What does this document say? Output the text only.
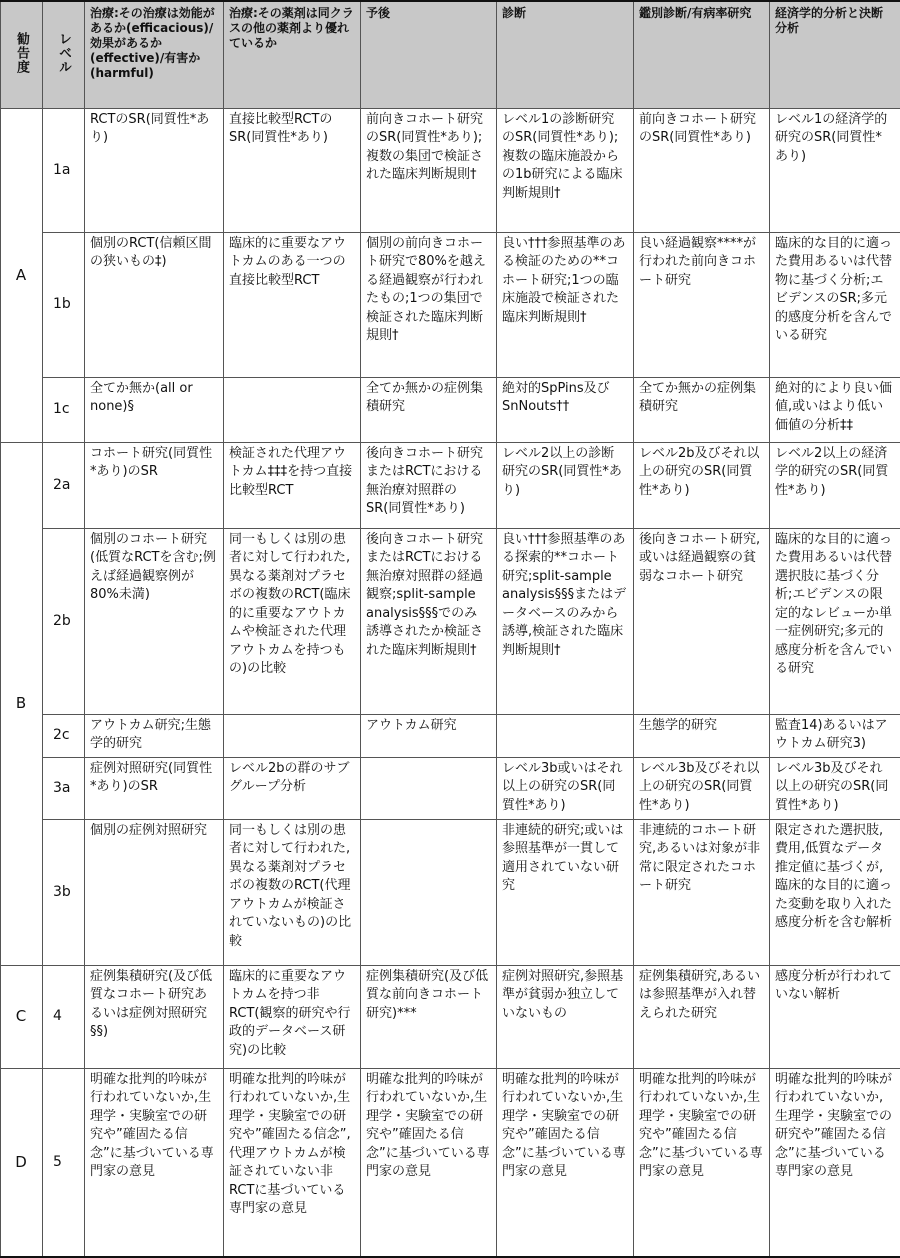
勧告度	レベル	治療:その治療は効能があるか(efficacious)/効果があるか(effective)/有害か(harmful)	治療:その薬剤は同クラスの他の薬剤より優れているか	予後	診断	鑑別診断/有病率研究	経済学的分析と決断分析
A	1a	RCTのSR(同質性*あり)	直接比較型RCTのSR(同質性*あり)	前向きコホート研究のSR(同質性*あり);複数の集団で検証された臨床判断規則†	レベル1の診断研究のSR(同質性*あり);複数の臨床施設からの1b研究による臨床判断規則†	前向きコホート研究のSR(同質性*あり)	レベル1の経済学的研究のSR(同質性*あり)
	1b	個別のRCT(信頼区間の狭いもの‡)	臨床的に重要なアウトカムのある一つの直接比較型RCT	個別の前向きコホート研究で80%を越える経過観察が行われたもの;1つの集団で検証された臨床判断規則†	良い†††参照基準のある検証のための**コホート研究;1つの臨床施設で検証された臨床判断規則†	良い経過観察****が行われた前向きコホート研究	臨床的な目的に適った費用あるいは代替物に基づく分析;エビデンスのSR;多元的感度分析を含んでいる研究
	1c	全てか無か(all or none)§		全てか無かの症例集積研究	絶対的SpPins及びSnNouts††	全てか無かの症例集積研究	絶対的により良い価値,或いはより低い価値の分析‡‡
B	2a	コホート研究(同質性*あり)のSR	検証された代理アウトカム‡‡‡を持つ直接比較型RCT	後向きコホート研究またはRCTにおける無治療対照群のSR(同質性*あり)	レベル2以上の診断研究のSR(同質性*あり)	レベル2b及びそれ以上の研究のSR(同質性*あり)	レベル2以上の経済学的研究のSR(同質性*あり)
	2b	個別のコホート研究(低質なRCTを含む;例えば経過観察例が80%未満)	同一もしくは別の患者に対して行われた,異なる薬剤対プラセボの複数のRCT(臨床的に重要なアウトカムや検証された代理アウトカムを持つもの)の比較	後向きコホート研究またはRCTにおける無治療対照群の経過観察;split-sample analysis§§§でのみ誘導されたか検証された臨床判断規則†	良い†††参照基準のある探索的**コホート研究;split-sample analysis§§§またはデータベースのみから誘導,検証された臨床判断規則†	後向きコホート研究,或いは経過観察の貧弱なコホート研究	臨床的な目的に適った費用あるいは代替選択肢に基づく分析;エビデンスの限定的なレビューか単一症例研究;多元的感度分析を含んでいる研究
	2c	アウトカム研究;生態学的研究		アウトカム研究		生態学的研究	監査14)あるいはアウトカム研究3)
	3a	症例対照研究(同質性*あり)のSR	レベル2bの群のサブグループ分析		レベル3b或いはそれ以上の研究のSR(同質性*あり)	レベル3b及びそれ以上の研究のSR(同質性*あり)	レベル3b及びそれ以上の研究のSR(同質性*あり)
	3b	個別の症例対照研究	同一もしくは別の患者に対して行われた,異なる薬剤対プラセボの複数のRCT(代理アウトカムが検証されていないもの)の比較		非連続的研究;或いは参照基準が一貫して適用されていない研究	非連続的コホート研究,あるいは対象が非常に限定されたコホート研究	限定された選択肢,費用,低質なデータ推定値に基づくが,臨床的な目的に適った変動を取り入れた感度分析を含む解析
C	4	症例集積研究(及び低質なコホート研究あるいは症例対照研究§§)	臨床的に重要なアウトカムを持つ非RCT(観察的研究や行政的データベース研究)の比較	症例集積研究(及び低質な前向きコホート研究)***	症例対照研究,参照基準が貧弱か独立していないもの	症例集積研究,あるいは参照基準が入れ替えられた研究	感度分析が行われていない解析
D	5	明確な批判的吟味が行われていないか,生理学・実験室での研究や”確固たる信念”に基づいている専門家の意見	明確な批判的吟味が行われていないか,生理学・実験室での研究や”確固たる信念”,代理アウトカムが検証されていない非RCTに基づいている専門家の意見	明確な批判的吟味が行われていないか,生理学・実験室での研究や”確固たる信念”に基づいている専門家の意見	明確な批判的吟味が行われていないか,生理学・実験室での研究や”確固たる信念”に基づいている専門家の意見	明確な批判的吟味が行われていないか,生理学・実験室での研究や”確固たる信念”に基づいている専門家の意見	明確な批判的吟味が行われていないか,生理学・実験室での研究や”確固たる信念”に基づいている専門家の意見
